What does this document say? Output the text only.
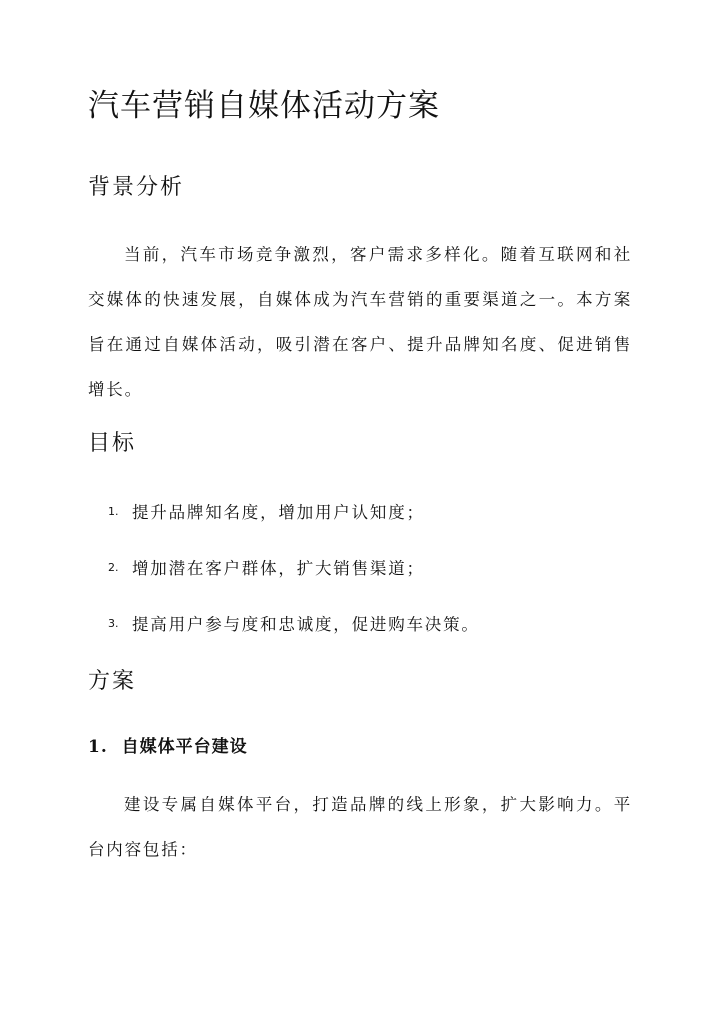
汽车营销自媒体活动方案
背景分析

当前，汽车市场竞争激烈，客户需求多样化。随着互联网和社交媒体的快速发展，自媒体成为汽车营销的重要渠道之一。本方案旨在通过自媒体活动，吸引潜在客户、提升品牌知名度、促进销售增长。

目标
1. 提升品牌知名度，增加用户认知度；
2. 增加潜在客户群体，扩大销售渠道；
3. 提高用户参与度和忠诚度，促进购车决策。
方案
1.  自媒体平台建设

建设专属自媒体平台，打造品牌的线上形象，扩大影响力。平台内容包括：
